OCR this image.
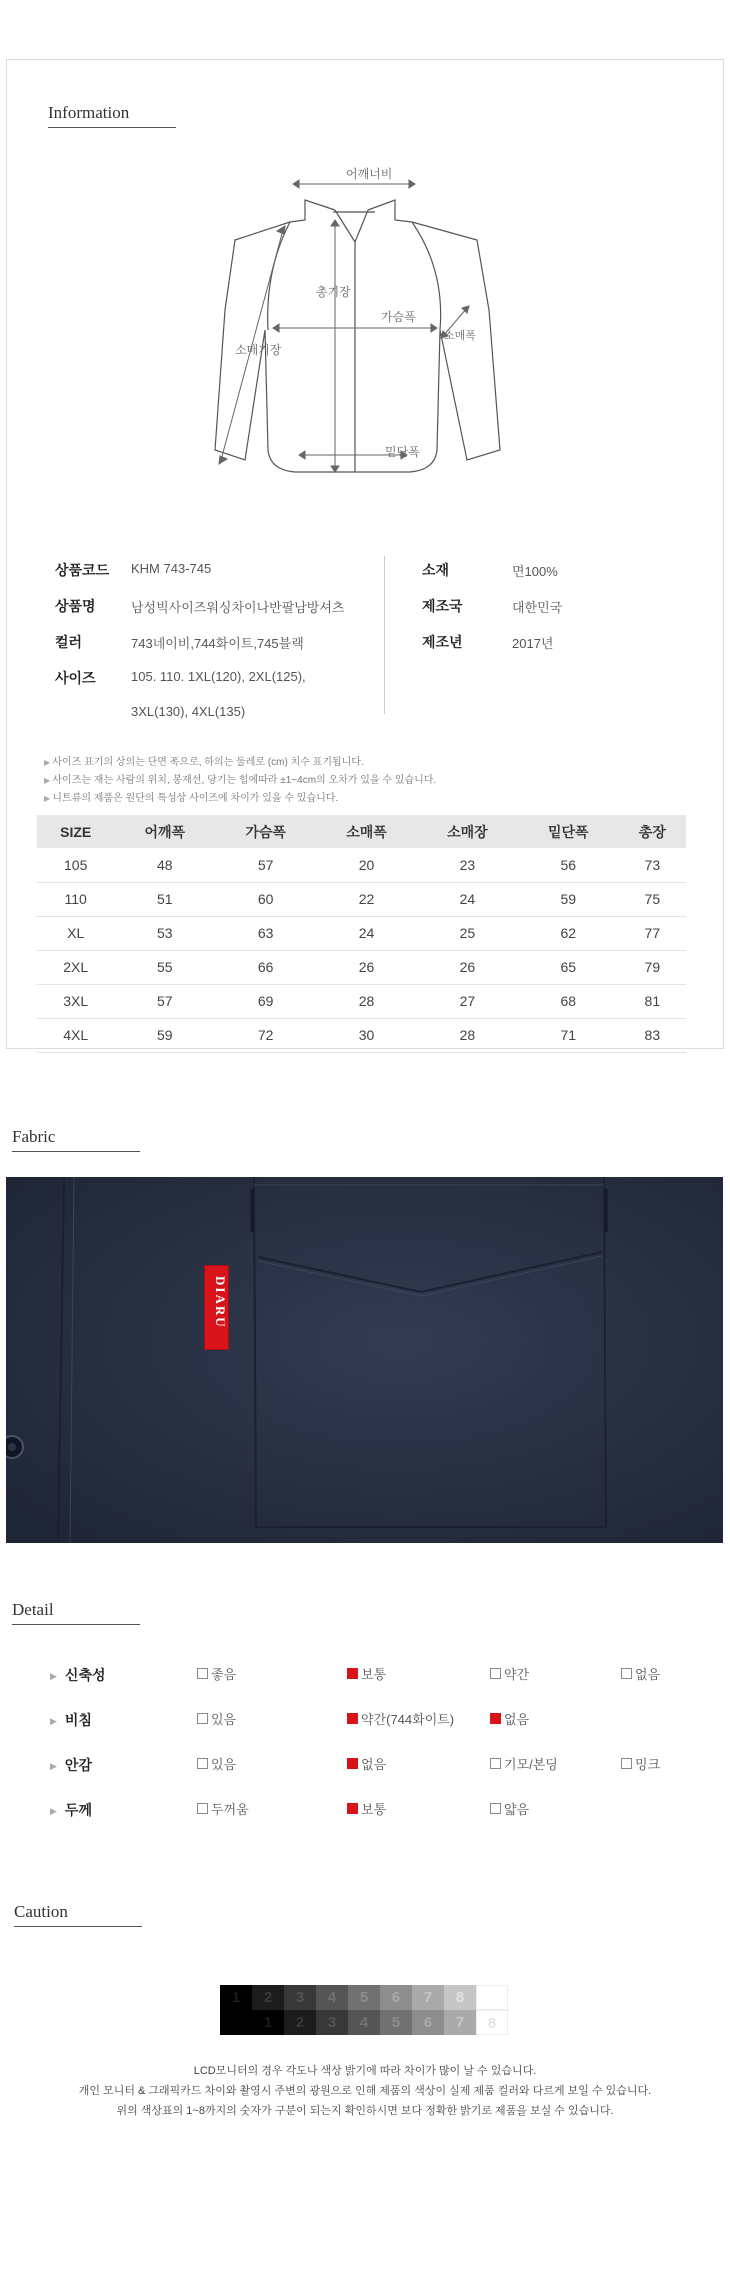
Information
어깨너비
총기장
가슴폭
소매폭
소매기장
밑단폭
상품코드 KHM 743-745
상품명	남성빅사이즈워싱차이나반팔남방셔츠
컬러	743네이비,744화이트,745블랙
사이즈	105. 110. 1XL(120), 2XL(125),
3XL(130), 4XL(135)
소재	면100%
제조국	대한민국
제조년	2017년
▶ 사이즈 표기의 상의는 단면 폭으로, 하의는 둘레로 (cm) 치수 표기됩니다.
▶ 사이즈는 재는 사람의 위치, 봉재선, 당기는 힘에따라 ±1~4cm의 오차가 있을 수 있습니다.
▶ 니트류의 제품은 원단의 특성상 사이즈에 차이가 있을 수 있습니다.
SIZE	어깨폭	가슴폭	소매폭	소매장	밑단폭	총장
105	48	57	20	23	56	73
110	51	60	22	24	59	75
XL	53	63	24	25	62	77
2XL	55	66	26	26	65	79
3XL	57	69	28	27	68	81
4XL	59	72	30	28	71	83
Fabric
DIARU
Detail
▶ 신축성	좋음	보통	약간	없음
▶ 비침	있음	약간(744화이트)	없음
▶ 안감	있음	없음	기모/본딩	밍크
▶ 두께	두꺼움	보통	얇음
Caution
1	2	3	4	5	6	7	8
1	2	3	4	5	6	7	8
LCD모니터의 경우 각도나 색상 밝기에 따라 차이가 많이 날 수 있습니다.
개인 모니터 & 그래픽카드 차이와 촬영시 주변의 광원으로 인해 제품의 색상이 실제 제품 컬러와 다르게 보일 수 있습니다.
위의 색상표의 1~8까지의 숫자가 구분이 되는지 확인하시면 보다 정확한 밝기로 제품을 보실 수 있습니다.
